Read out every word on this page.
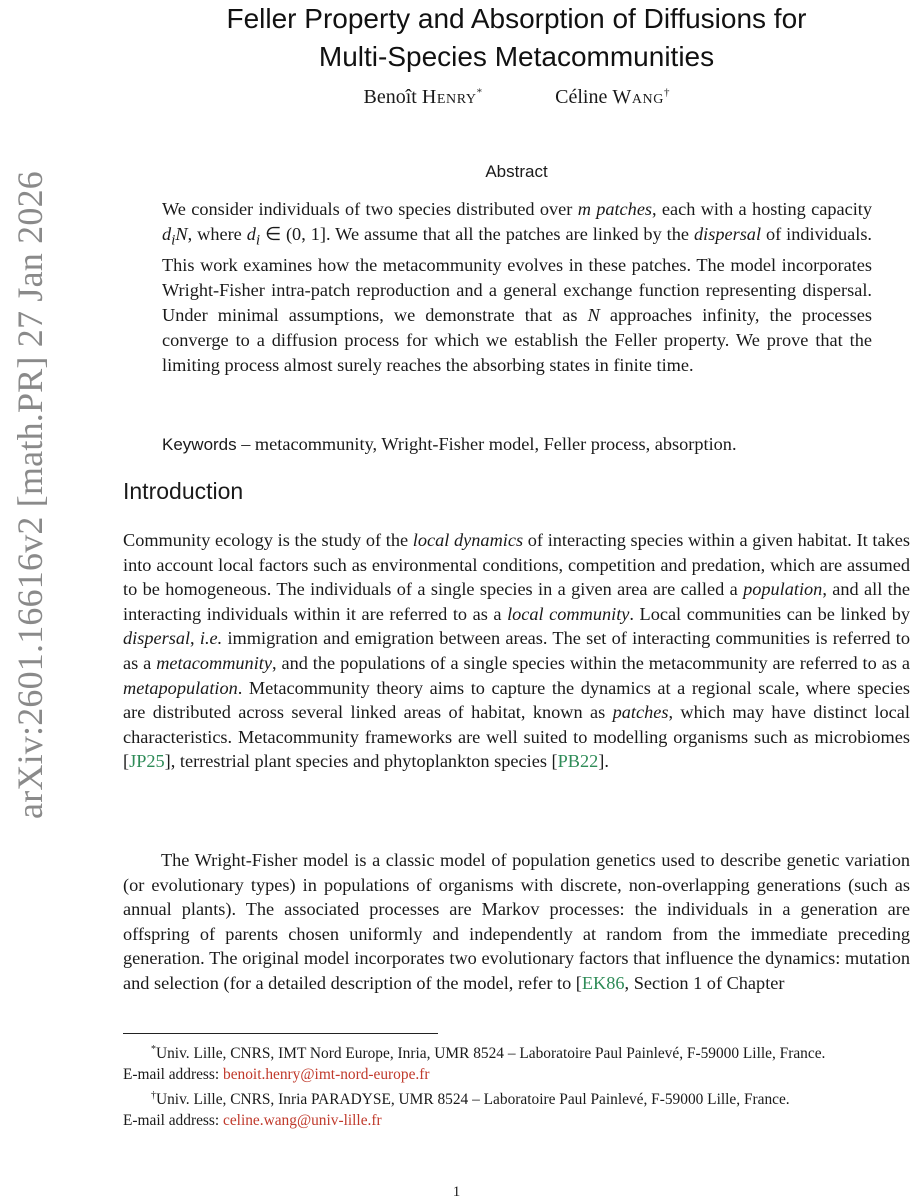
arXiv:2601.16616v2 [math.PR] 27 Jan 2026
Feller Property and Absorption of Diffusions for
Multi-Species Metacommunities
Benoît Henry*	Céline Wang†
Abstract
We consider individuals of two species distributed over m patches, each with a hosting capacity $d_iN$, where $d_i$ ∈ (0, 1]. We assume that all the patches are linked by the dispersal of individuals. This work examines how the metacommunity evolves in these patches. The model incorporates Wright-Fisher intra-patch reproduction and a general exchange function representing dispersal. Under minimal assumptions, we demonstrate that as N approaches infinity, the processes converge to a diffusion process for which we establish the Feller property. We prove that the limiting process almost surely reaches the absorbing states in finite time.
Keywords – metacommunity, Wright-Fisher model, Feller process, absorption.
Introduction
Community ecology is the study of the local dynamics of interacting species within a given habitat. It takes into account local factors such as environmental conditions, competition and predation, which are assumed to be homogeneous. The individuals of a single species in a given area are called a population, and all the interacting individuals within it are referred to as a local community. Local communities can be linked by dispersal, i.e. immigration and emigration between areas. The set of interacting communities is referred to as a metacommunity, and the populations of a single species within the metacommunity are referred to as a metapopulation. Metacommunity theory aims to capture the dynamics at a regional scale, where species are distributed across several linked areas of habitat, known as patches, which may have distinct local characteristics. Metacommunity frameworks are well suited to modelling organisms such as microbiomes [JP25], terrestrial plant species and phytoplankton species [PB22].
The Wright-Fisher model is a classic model of population genetics used to describe genetic variation (or evolutionary types) in populations of organisms with discrete, non-overlapping generations (such as annual plants). The associated processes are Markov processes: the individuals in a generation are offspring of parents chosen uniformly and independently at random from the immediate preceding generation. The original model incorporates two evolutionary factors that influence the dynamics: mutation and selection (for a detailed description of the model, refer to [EK86, Section 1 of Chapter
*Univ. Lille, CNRS, IMT Nord Europe, Inria, UMR 8524 – Laboratoire Paul Painlevé, F-59000 Lille, France.
E-mail address: benoit.henry@imt-nord-europe.fr
†Univ. Lille, CNRS, Inria PARADYSE, UMR 8524 – Laboratoire Paul Painlevé, F-59000 Lille, France.
E-mail address: celine.wang@univ-lille.fr
1
